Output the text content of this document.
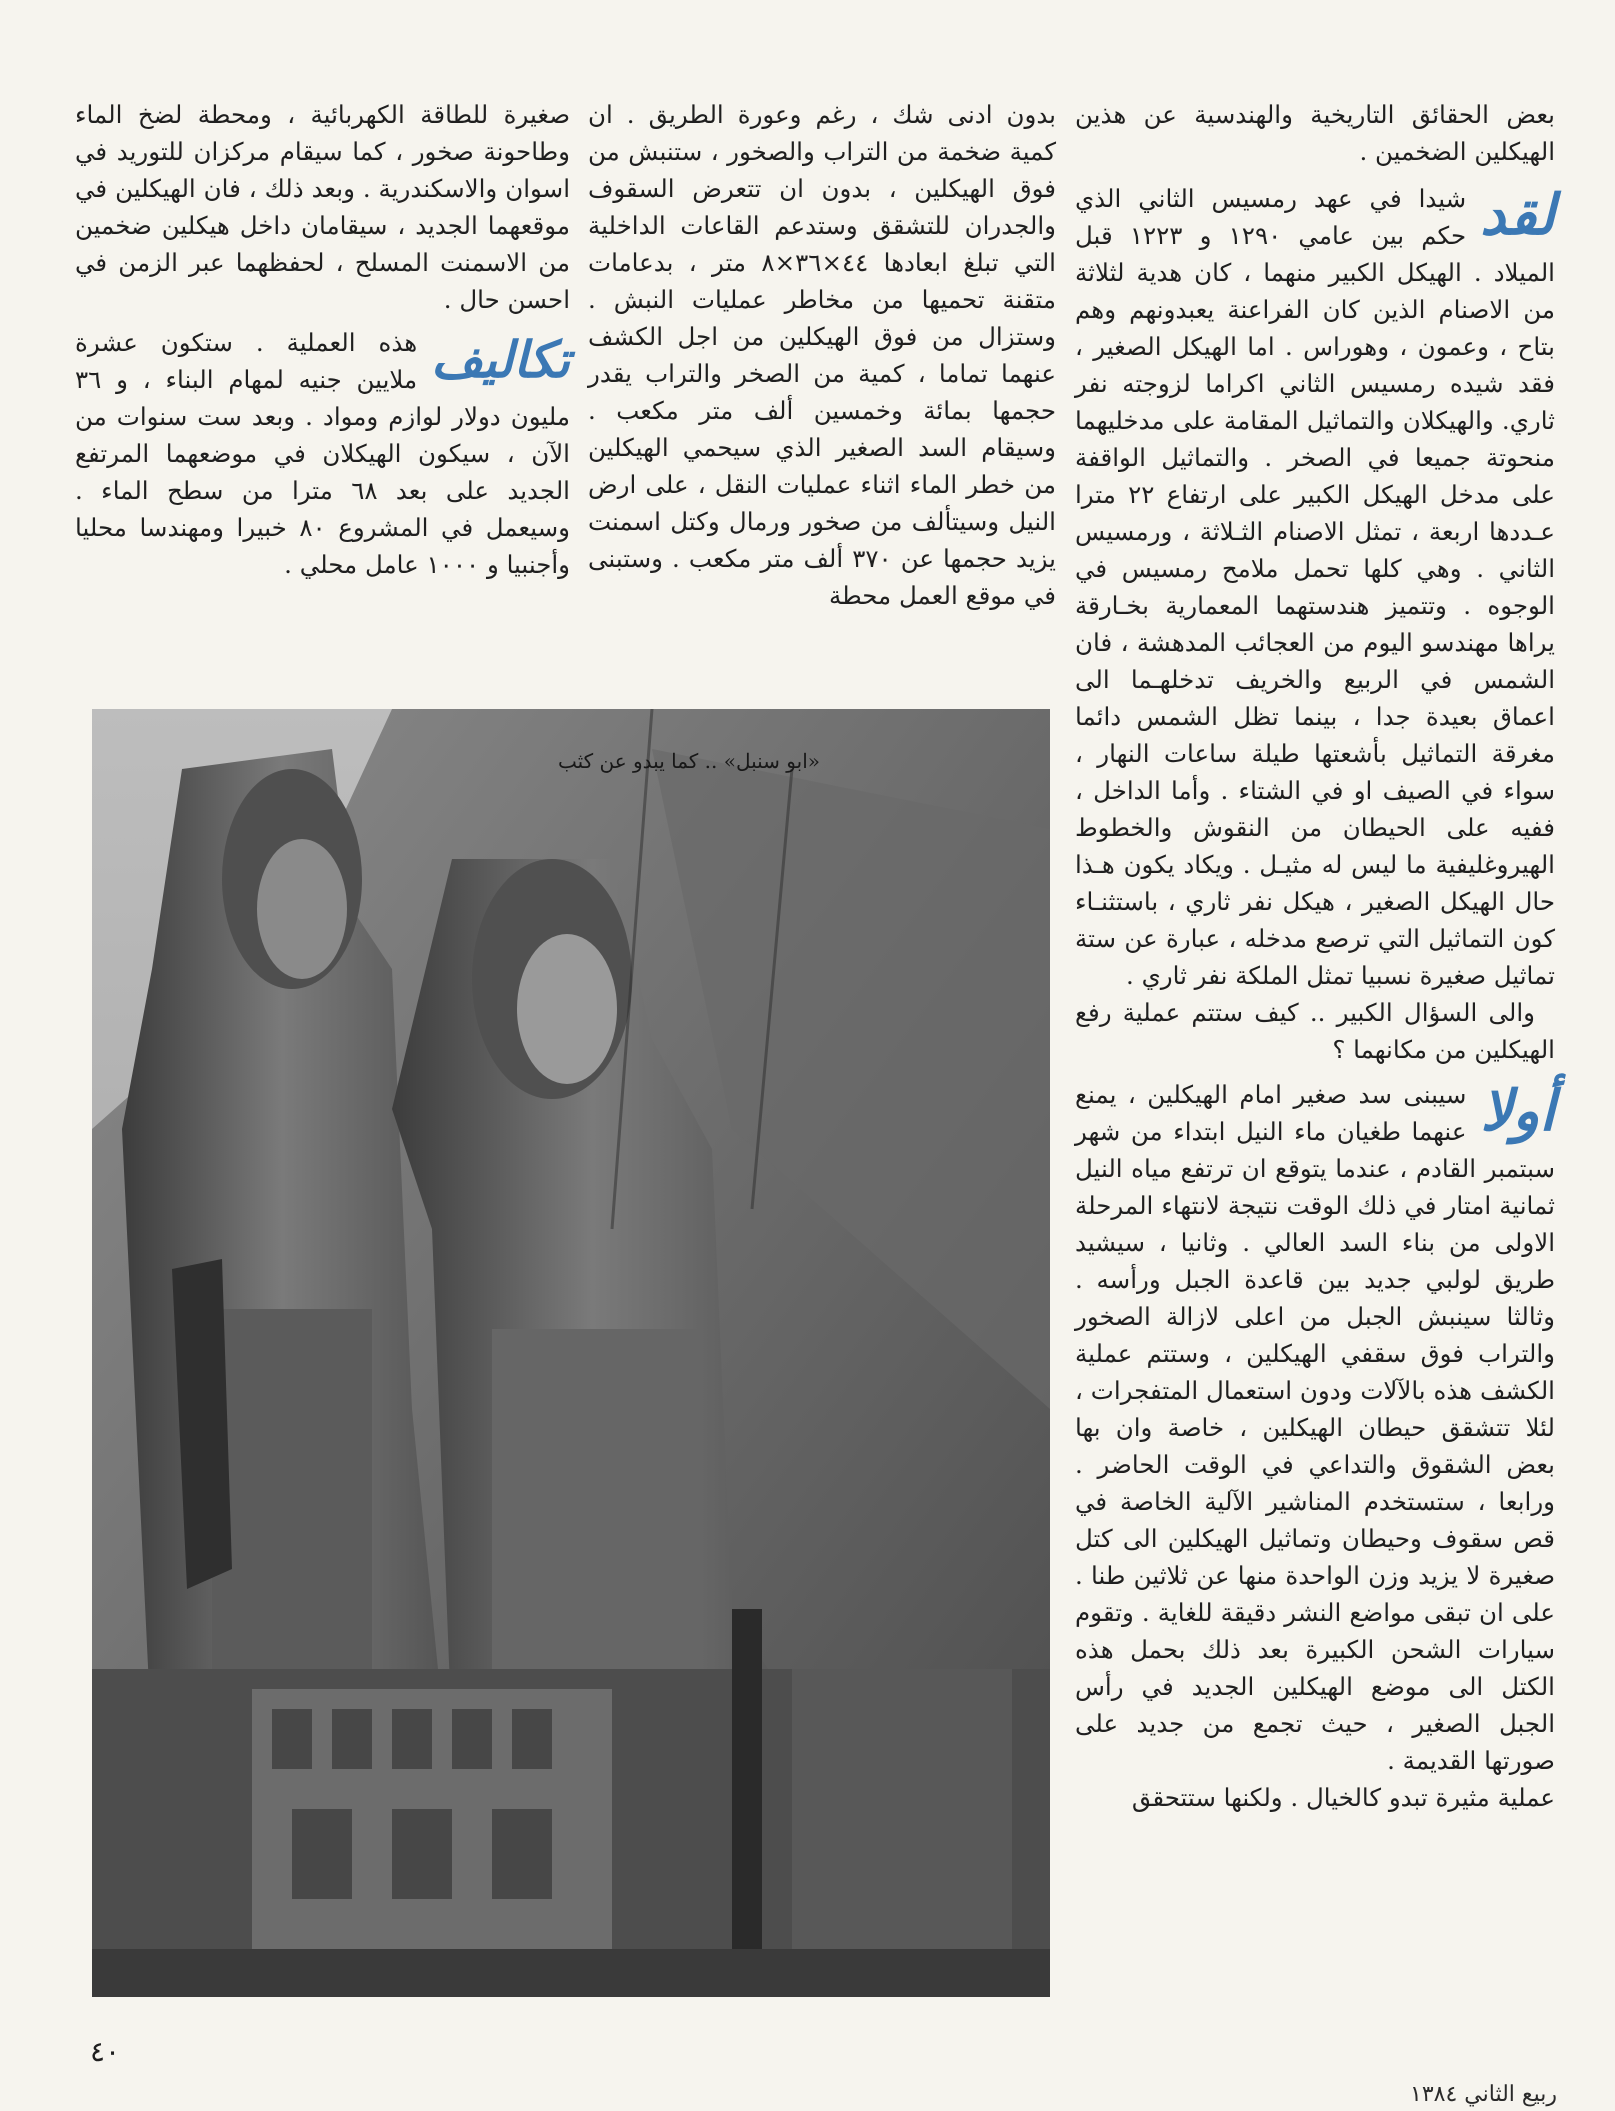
بعض الحقائق التاريخية والهندسية عن هذين الهيكلين الضخمين .

لقد
شيدا في عهد رمسيس الثاني الذي حكم بين عامي ١٢٩٠ و ١٢٢٣ قبل الميلاد . الهيكل الكبير منهما ، كان هدية لثلاثة من الاصنام الذين كان الفراعنة يعبدونهم وهم بتاح ، وعمون ، وهوراس . اما الهيكل الصغير ، فقد شيده رمسيس الثاني اكراما لزوجته نفر ثاري. والهيكلان والتماثيل المقامة على مدخليهما منحوتة جميعا في الصخر . والتماثيل الواقفة على مدخل الهيكل الكبير على ارتفاع ٢٢ مترا عـددها اربعة ، تمثل الاصنام الثـلاثة ، ورمسيس الثاني . وهي كلها تحمل ملامح رمسيس في الوجوه . وتتميز هندستهما المعمارية بخـارقة يراها مهندسو اليوم من العجائب المدهشة ، فان الشمس في الربيع والخريف تدخلهـما الى اعماق بعيدة جدا ، بينما تظل الشمس دائما مغرقة التماثيل بأشعتها طيلة ساعات النهار ، سواء في الصيف او في الشتاء . وأما الداخل ، ففيه على الحيطان من النقوش والخطوط الهيروغليفية ما ليس له مثيـل . ويكاد يكون هـذا حال الهيكل الصغير ، هيكل نفر ثاري ، باستثنـاء كون التماثيل التي ترصع مدخله ، عبارة عن ستة تماثيل صغيرة نسبيا تمثل الملكة نفر ثاري .

والى السؤال الكبير .. كيف ستتم عملية رفع الهيكلين من مكانهما ؟

أولا
سيبنى سد صغير امام الهيكلين ، يمنع عنهما طغيان ماء النيل ابتداء من شهر سبتمبر القادم ، عندما يتوقع ان ترتفع مياه النيل ثمانية امتار في ذلك الوقت نتيجة لانتهاء المرحلة الاولى من بناء السد العالي . وثانيا ، سيشيد طريق لولبي جديد بين قاعدة الجبل ورأسه . وثالثا سينبش الجبل من اعلى لازالة الصخور والتراب فوق سقفي الهيكلين ، وستتم عملية الكشف هذه بالآلات ودون استعمال المتفجرات ، لئلا تتشقق حيطان الهيكلين ، خاصة وان بها بعض الشقوق والتداعي في الوقت الحاضر . ورابعا ، ستستخدم المناشير الآلية الخاصة في قص سقوف وحيطان وتماثيل الهيكلين الى كتل صغيرة لا يزيد وزن الواحدة منها عن ثلاثين طنا . على ان تبقى مواضع النشر دقيقة للغاية . وتقوم سيارات الشحن الكبيرة بعد ذلك بحمل هذه الكتل الى موضع الهيكلين الجديد في رأس الجبل الصغير ، حيث تجمع من جديد على صورتها القديمة .

عملية مثيرة تبدو كالخيال . ولكنها ستتحقق

بدون ادنى شك ، رغم وعورة الطريق . ان كمية ضخمة من التراب والصخور ، ستنبش من فوق الهيكلين ، بدون ان تتعرض السقوف والجدران للتشقق وستدعم القاعات الداخلية التي تبلغ ابعادها ٤٤×٣٦×٨ متر ، بدعامات متقنة تحميها من مخاطر عمليات النبش . وستزال من فوق الهيكلين من اجل الكشف عنهما تماما ، كمية من الصخر والتراب يقدر حجمها بمائة وخمسين ألف متر مكعب . وسيقام السد الصغير الذي سيحمي الهيكلين من خطر الماء اثناء عمليات النقل ، على ارض النيل وسيتألف من صخور ورمال وكتل اسمنت يزيد حجمها عن ٣٧٠ ألف متر مكعب . وستبنى في موقع العمل محطة

صغيرة للطاقة الكهربائية ، ومحطة لضخ الماء وطاحونة صخور ، كما سيقام مركزان للتوريد في اسوان والاسكندرية . وبعد ذلك ، فان الهيكلين في موقعهما الجديد ، سيقامان داخل هيكلين ضخمين من الاسمنت المسلح ، لحفظهما عبر الزمن في احسن حال .

تكاليف
هذه العملية . ستكون عشرة ملايين جنيه لمهام البناء ، و ٣٦ مليون دولار لوازم ومواد . وبعد ست سنوات من الآن ، سيكون الهيكلان في موضعهما المرتفع الجديد على بعد ٦٨ مترا من سطح الماء . وسيعمل في المشروع ٨٠ خبيرا ومهندسا محليا وأجنبيا و ١٠٠٠ عامل محلي .

«ابو سنبل» .. كما يبدو عن كثب
٤٠
ربيع الثاني ١٣٨٤
